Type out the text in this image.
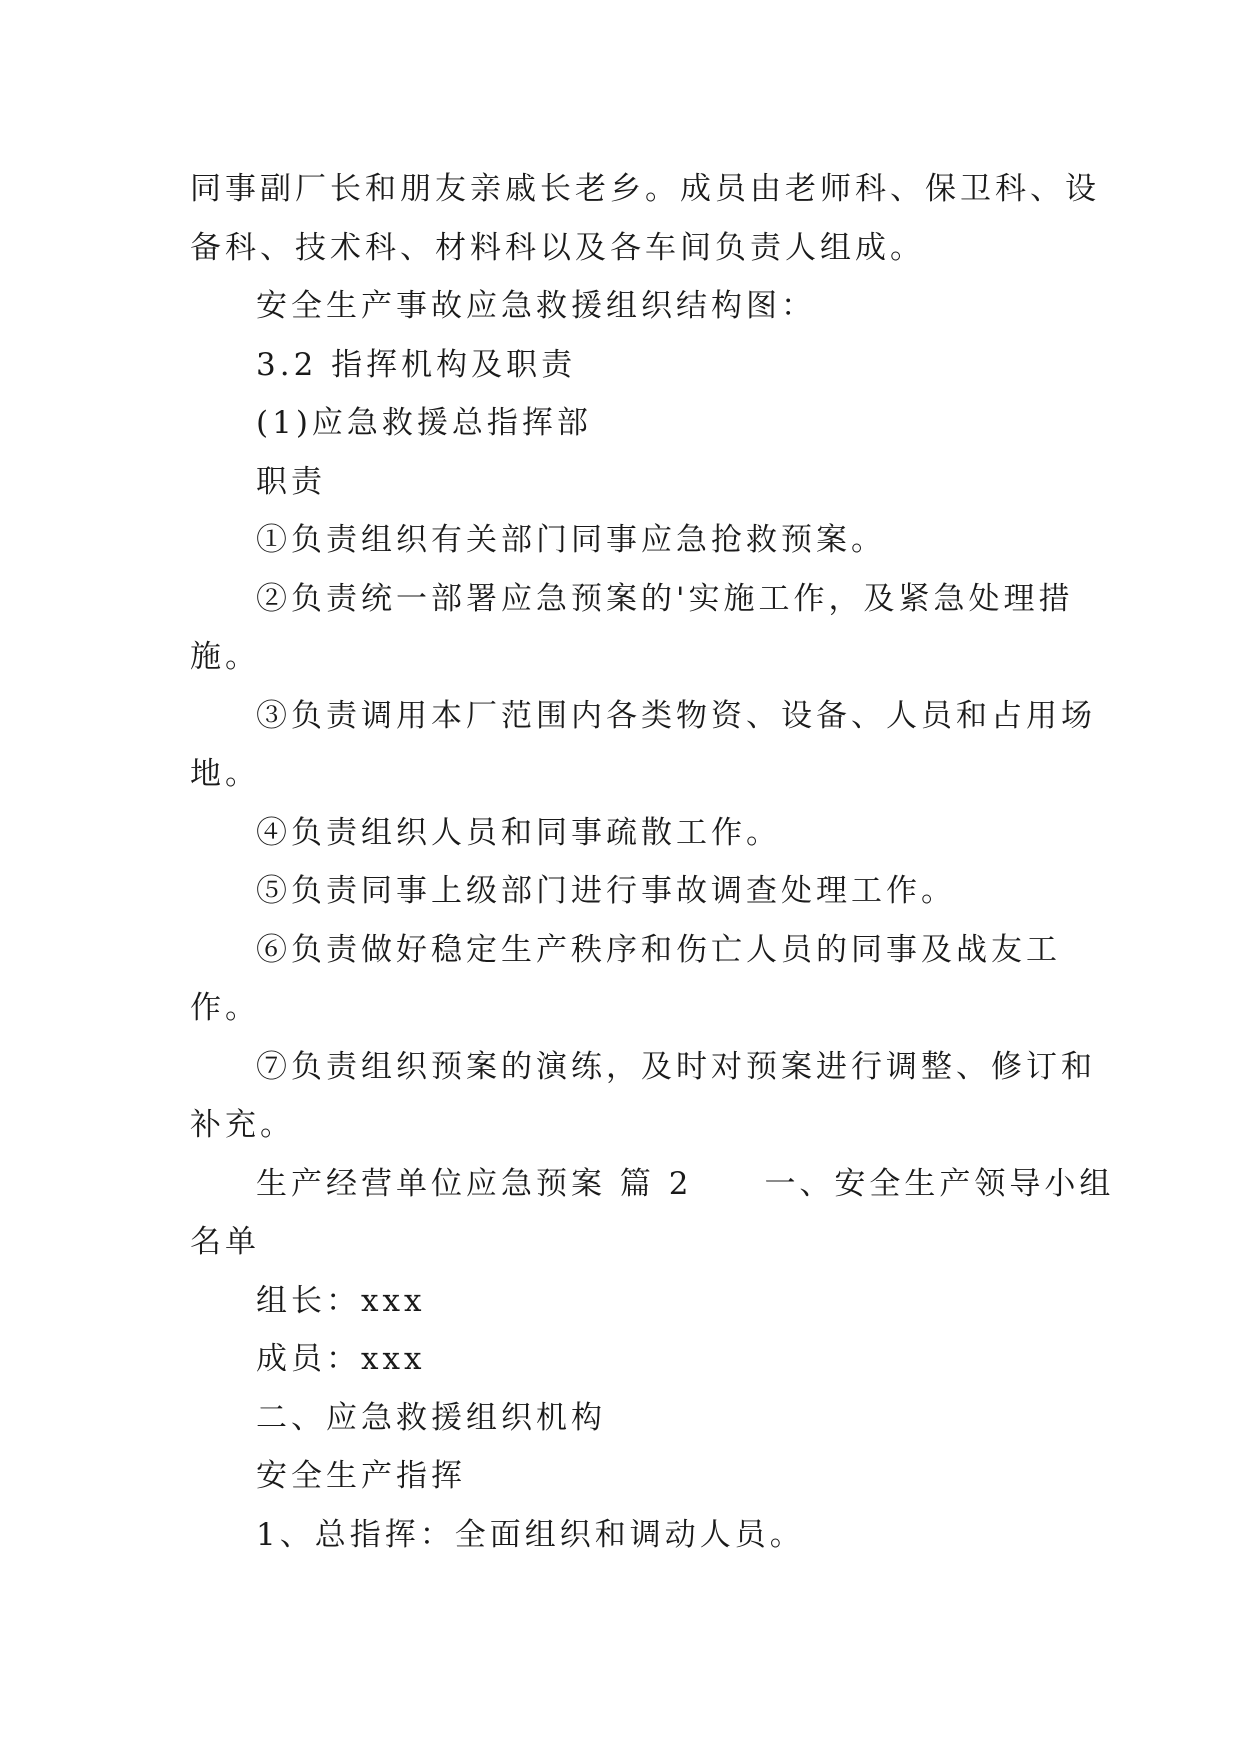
同事副厂长和朋友亲戚长老乡。成员由老师科、保卫科、设
备科、技术科、材料科以及各车间负责人组成。

安全生产事故应急救援组织结构图：

3.2 指挥机构及职责

(1)应急救援总指挥部

职责

①负责组织有关部门同事应急抢救预案。

②负责统一部署应急预案的'实施工作，及紧急处理措
施。

③负责调用本厂范围内各类物资、设备、人员和占用场
地。

④负责组织人员和同事疏散工作。

⑤负责同事上级部门进行事故调查处理工作。

⑥负责做好稳定生产秩序和伤亡人员的同事及战友工
作。

⑦负责组织预案的演练，及时对预案进行调整、修订和
补充。

生产经营单位应急预案 篇 2 一、安全生产领导小组
名单

组长：xxx

成员：xxx

二、应急救援组织机构

安全生产指挥

1、总指挥：全面组织和调动人员。
